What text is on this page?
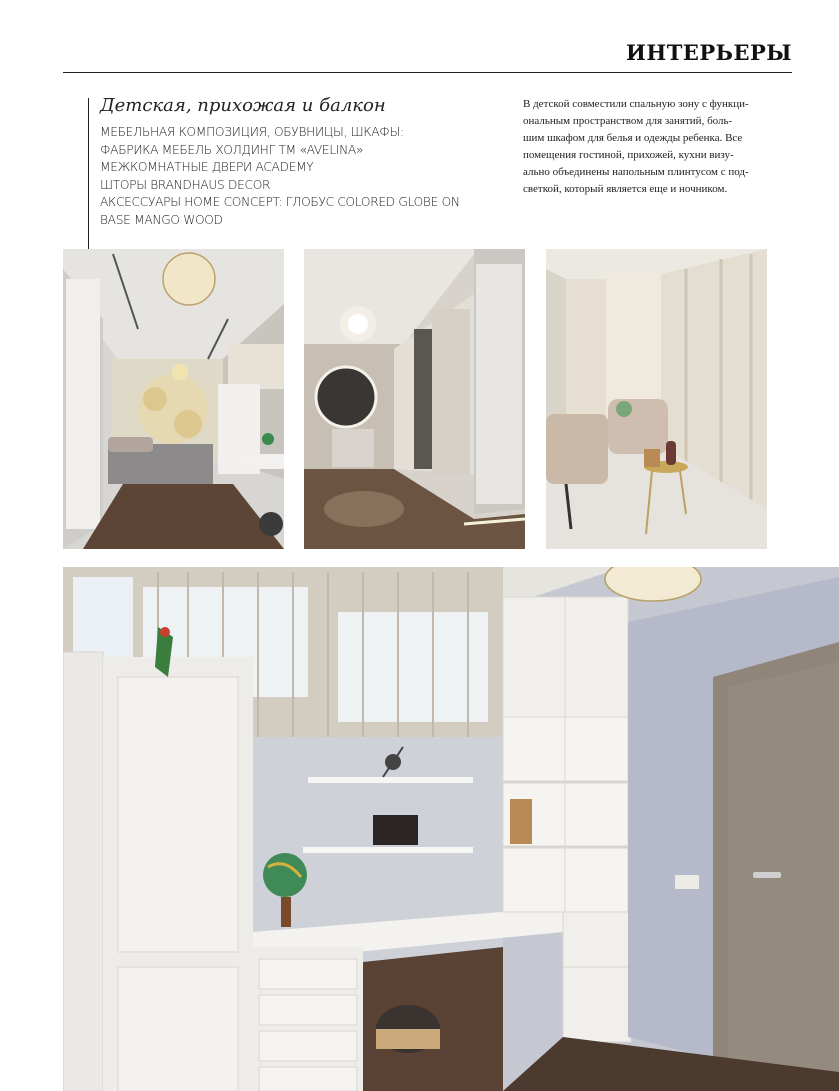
ИНТЕРЬЕРЫ
Детская, прихожая и балкон
МЕБЕЛЬНАЯ КОМПОЗИЦИЯ, ОБУВНИЦЫ, ШКАФЫ:
ФАБРИКА МЕБЕЛЬ ХОЛДИНГ ТМ «AVELINA»
МЕЖКОМНАТНЫЕ ДВЕРИ ACADEMY
ШТОРЫ BRANDHAUS DECOR
АКСЕССУАРЫ HOME CONCEPT: ГЛОБУС COLORED GLOBE ON
BASE MANGO WOOD
В детской совместили спальную зону с функци-
ональным пространством для занятий, боль-
шим шкафом для белья и одежды ребенка. Все
помещения гостиной, прихожей, кухни визу-
ально объединены напольным плинтусом с под-
светкой, который является еще и ночником.
